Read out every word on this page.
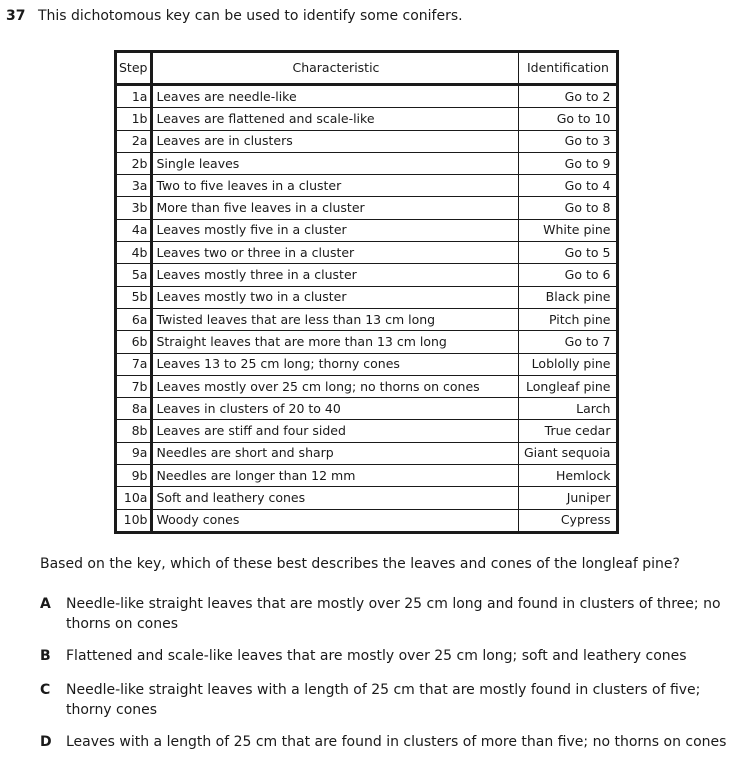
37 This dichotomous key can be used to identify some conifers.
Step	Characteristic	Identification
1a	Leaves are needle-like	Go to 2
1b	Leaves are flattened and scale-like	Go to 10
2a	Leaves are in clusters	Go to 3
2b	Single leaves	Go to 9
3a	Two to five leaves in a cluster	Go to 4
3b	More than five leaves in a cluster	Go to 8
4a	Leaves mostly five in a cluster	White pine
4b	Leaves two or three in a cluster	Go to 5
5a	Leaves mostly three in a cluster	Go to 6
5b	Leaves mostly two in a cluster	Black pine
6a	Twisted leaves that are less than 13 cm long	Pitch pine
6b	Straight leaves that are more than 13 cm long	Go to 7
7a	Leaves 13 to 25 cm long; thorny cones	Loblolly pine
7b	Leaves mostly over 25 cm long; no thorns on cones	Longleaf pine
8a	Leaves in clusters of 20 to 40	Larch
8b	Leaves are stiff and four sided	True cedar
9a	Needles are short and sharp	Giant sequoia
9b	Needles are longer than 12 mm	Hemlock
10a	Soft and leathery cones	Juniper
10b	Woody cones	Cypress
Based on the key, which of these best describes the leaves and cones of the longleaf pine?
A Needle-like straight leaves that are mostly over 25 cm long and found in clusters of three; no thorns on cones
B Flattened and scale-like leaves that are mostly over 25 cm long; soft and leathery cones
C Needle-like straight leaves with a length of 25 cm that are mostly found in clusters of five; thorny cones
D Leaves with a length of 25 cm that are found in clusters of more than five; no thorns on cones
